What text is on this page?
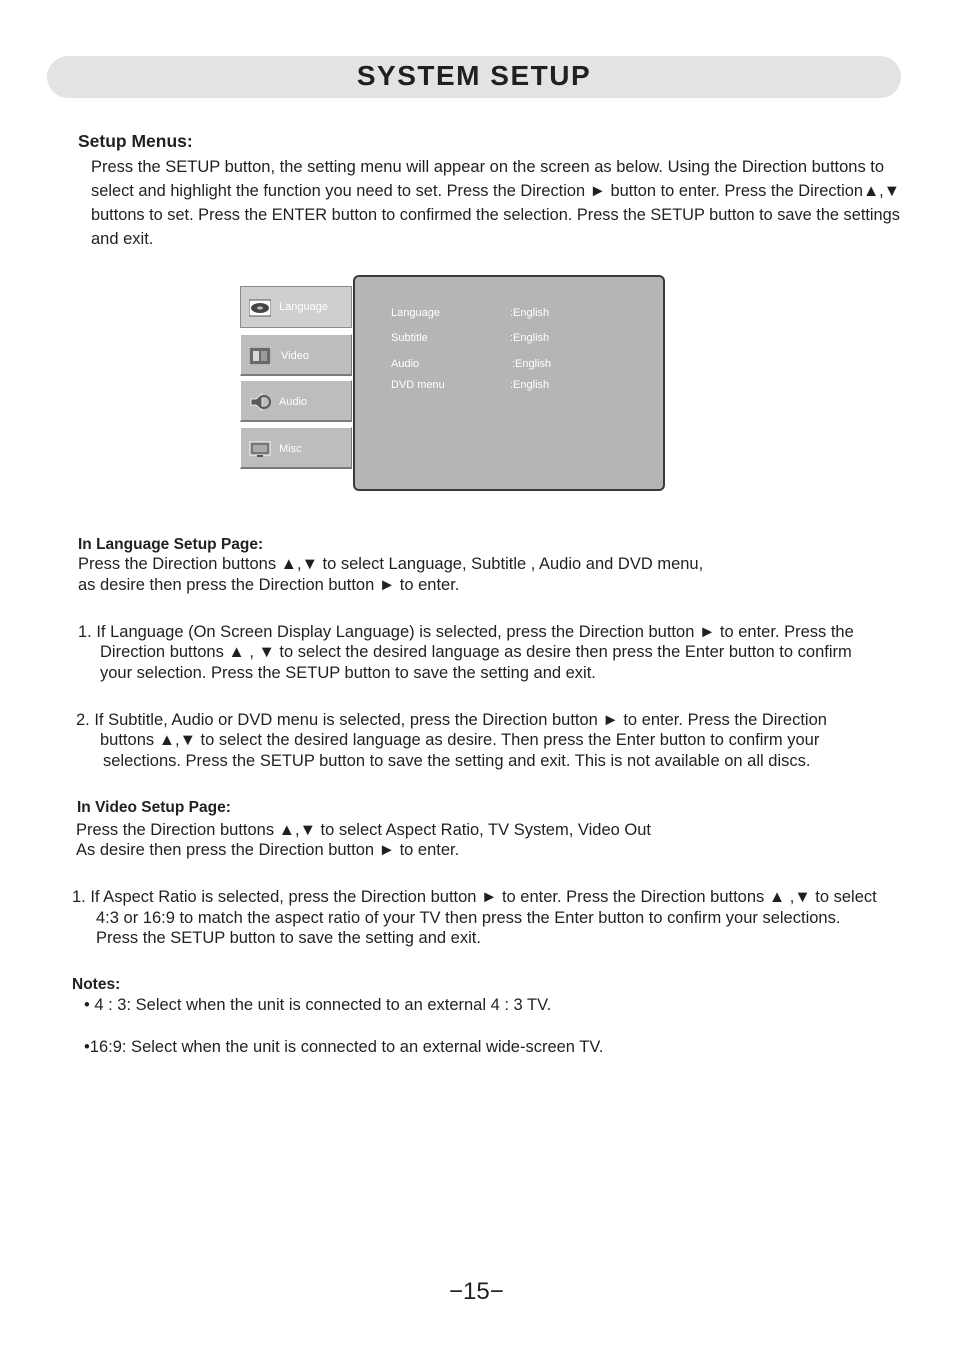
SYSTEM SETUP
Setup Menus:
Press the SETUP button, the setting menu will appear on the screen as below. Using the Direction buttons to
select and highlight the function you need to set. Press the Direction ► button to enter. Press the Direction▲,▼
buttons to set. Press the ENTER button to confirmed the selection. Press the SETUP button to save the settings
and exit.
Language
Video
Audio
Misc
Language	:English
Subtitle	:English
Audio	:English
DVD menu	:English
In Language Setup Page:
Press the Direction buttons ▲,▼ to select Language, Subtitle , Audio and DVD menu,
as desire then press the Direction button ► to enter.
1. If Language (On Screen Display Language) is selected, press the Direction button ► to enter. Press the
Direction buttons ▲ , ▼ to select the desired language as desire then press the Enter button to confirm
your selection. Press the SETUP button to save the setting and exit.
2. If Subtitle, Audio or DVD menu is selected, press the Direction button ► to enter. Press the Direction
buttons ▲,▼ to select the desired language as desire. Then press the Enter button to confirm your
selections. Press the SETUP button to save the setting and exit. This is not available on all discs.
In Video Setup Page:
Press the Direction buttons ▲,▼ to select Aspect Ratio, TV System, Video Out
As desire then press the Direction button ► to enter.
1. If Aspect Ratio is selected, press the Direction button ► to enter. Press the Direction buttons ▲ ,▼ to select
4:3 or 16:9 to match the aspect ratio of your TV then press the Enter button to confirm your selections.
Press the SETUP button to save the setting and exit.
Notes:
• 4 : 3: Select when the unit is connected to an external 4 : 3 TV.
•16:9: Select when the unit is connected to an external wide-screen TV.
−15−
